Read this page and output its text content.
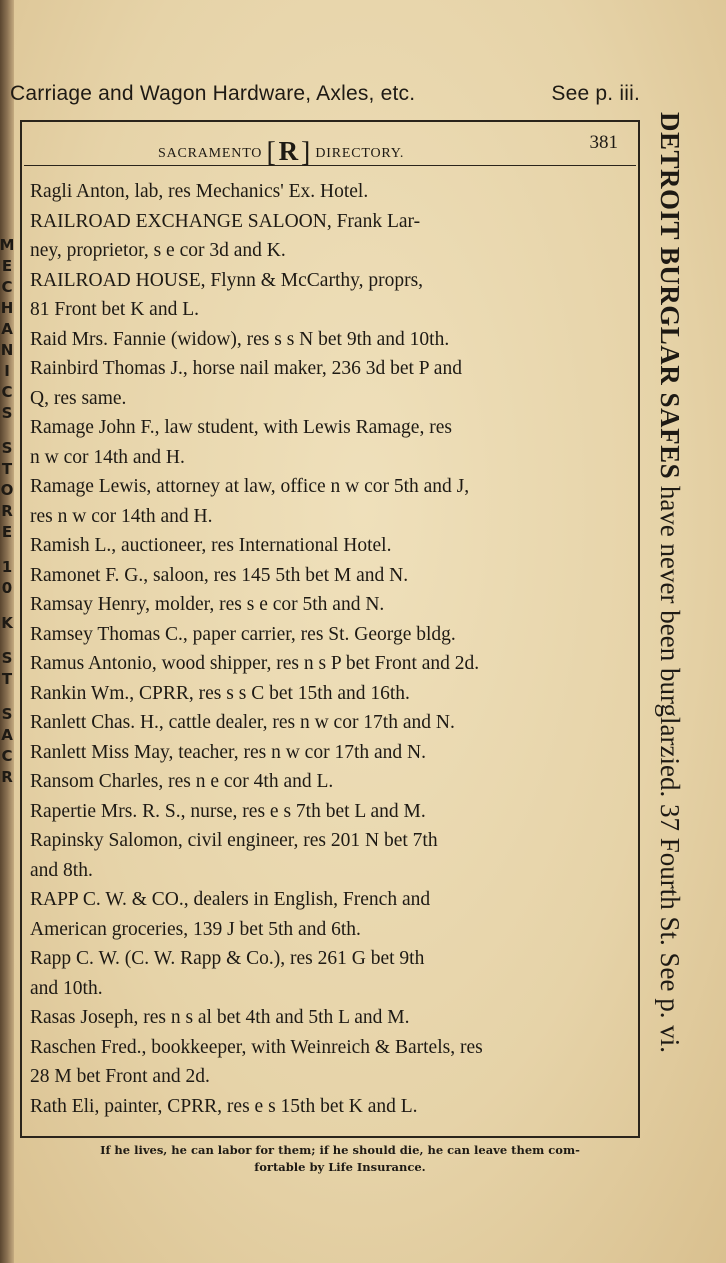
Carriage and Wagon Hardware, Axles, etc.	See p. iii.
SACRAMENTO [R] DIRECTORY.
381
Ragli Anton, lab, res Mechanics' Ex. Hotel.
RAILROAD EXCHANGE SALOON, Frank Lar-
ney, proprietor, s e cor 3d and K.
RAILROAD HOUSE, Flynn & McCarthy, proprs,
81 Front bet K and L.
Raid Mrs. Fannie (widow), res s s N bet 9th and 10th.
Rainbird Thomas J., horse nail maker, 236 3d bet P and
Q, res same.
Ramage John F., law student, with Lewis Ramage, res
n w cor 14th and H.
Ramage Lewis, attorney at law, office n w cor 5th and J,
res n w cor 14th and H.
Ramish L., auctioneer, res International Hotel.
Ramonet F. G., saloon, res 145 5th bet M and N.
Ramsay Henry, molder, res s e cor 5th and N.
Ramsey Thomas C., paper carrier, res St. George bldg.
Ramus Antonio, wood shipper, res n s P bet Front and 2d.
Rankin Wm., CPRR, res s s C bet 15th and 16th.
Ranlett Chas. H., cattle dealer, res n w cor 17th and N.
Ranlett Miss May, teacher, res n w cor 17th and N.
Ransom Charles, res n e cor 4th and L.
Rapertie Mrs. R. S., nurse, res e s 7th bet L and M.
Rapinsky Salomon, civil engineer, res 201 N bet 7th
and 8th.
RAPP C. W. & CO., dealers in English, French and
American groceries, 139 J bet 5th and 6th.
Rapp C. W. (C. W. Rapp & Co.), res 261 G bet 9th
and 10th.
Rasas Joseph, res n s al bet 4th and 5th L and M.
Raschen Fred., bookkeeper, with Weinreich & Bartels, res
28 M bet Front and 2d.
Rath Eli, painter, CPRR, res e s 15th bet K and L.
M
E
C
H
A
N
I
C
S
S
T
O
R
E
1
0
K
S
T
S
A
C
R
DETROIT BURGLAR SAFES have never been burglarzied. 37 Fourth St. See p. vi.
If he lives, he can labor for them; if he should die, he can leave them com-
fortable by Life Insurance.
